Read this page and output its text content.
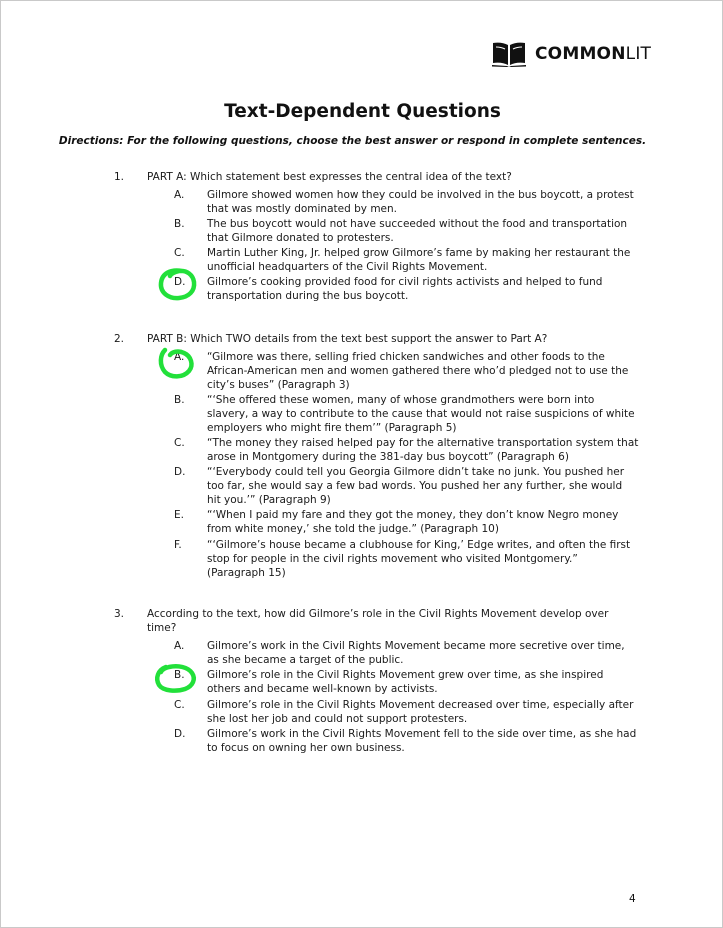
COMMONLIT
Text-Dependent Questions
Directions: For the following questions, choose the best answer or respond in complete sentences.
1.	PART A: Which statement best expresses the central idea of the text?
A.	Gilmore showed women how they could be involved in the bus boycott, a protest that was mostly dominated by men.
B.	The bus boycott would not have succeeded without the food and transportation that Gilmore donated to protesters.
C.	Martin Luther King, Jr. helped grow Gilmore’s fame by making her restaurant the unofficial headquarters of the Civil Rights Movement.
D.	Gilmore’s cooking provided food for civil rights activists and helped to fund transportation during the bus boycott.
2.	PART B: Which TWO details from the text best support the answer to Part A?
A.	“Gilmore was there, selling fried chicken sandwiches and other foods to the African-American men and women gathered there who’d pledged not to use the city’s buses” (Paragraph 3)
B.	“‘She offered these women, many of whose grandmothers were born into slavery, a way to contribute to the cause that would not raise suspicions of white employers who might fire them’” (Paragraph 5)
C.	“The money they raised helped pay for the alternative transportation system that arose in Montgomery during the 381-day bus boycott” (Paragraph 6)
D.	“‘Everybody could tell you Georgia Gilmore didn’t take no junk. You pushed her too far, she would say a few bad words. You pushed her any further, she would hit you.’” (Paragraph 9)
E.	“‘When I paid my fare and they got the money, they don’t know Negro money from white money,’ she told the judge.” (Paragraph 10)
F.	“‘Gilmore’s house became a clubhouse for King,’ Edge writes, and often the first stop for people in the civil rights movement who visited Montgomery.” (Paragraph 15)
3.	According to the text, how did Gilmore’s role in the Civil Rights Movement develop over time?
A.	Gilmore’s work in the Civil Rights Movement became more secretive over time, as she became a target of the public.
B.	Gilmore’s role in the Civil Rights Movement grew over time, as she inspired others and became well-known by activists.
C.	Gilmore’s role in the Civil Rights Movement decreased over time, especially after she lost her job and could not support protesters.
D.	Gilmore’s work in the Civil Rights Movement fell to the side over time, as she had to focus on owning her own business.
4
